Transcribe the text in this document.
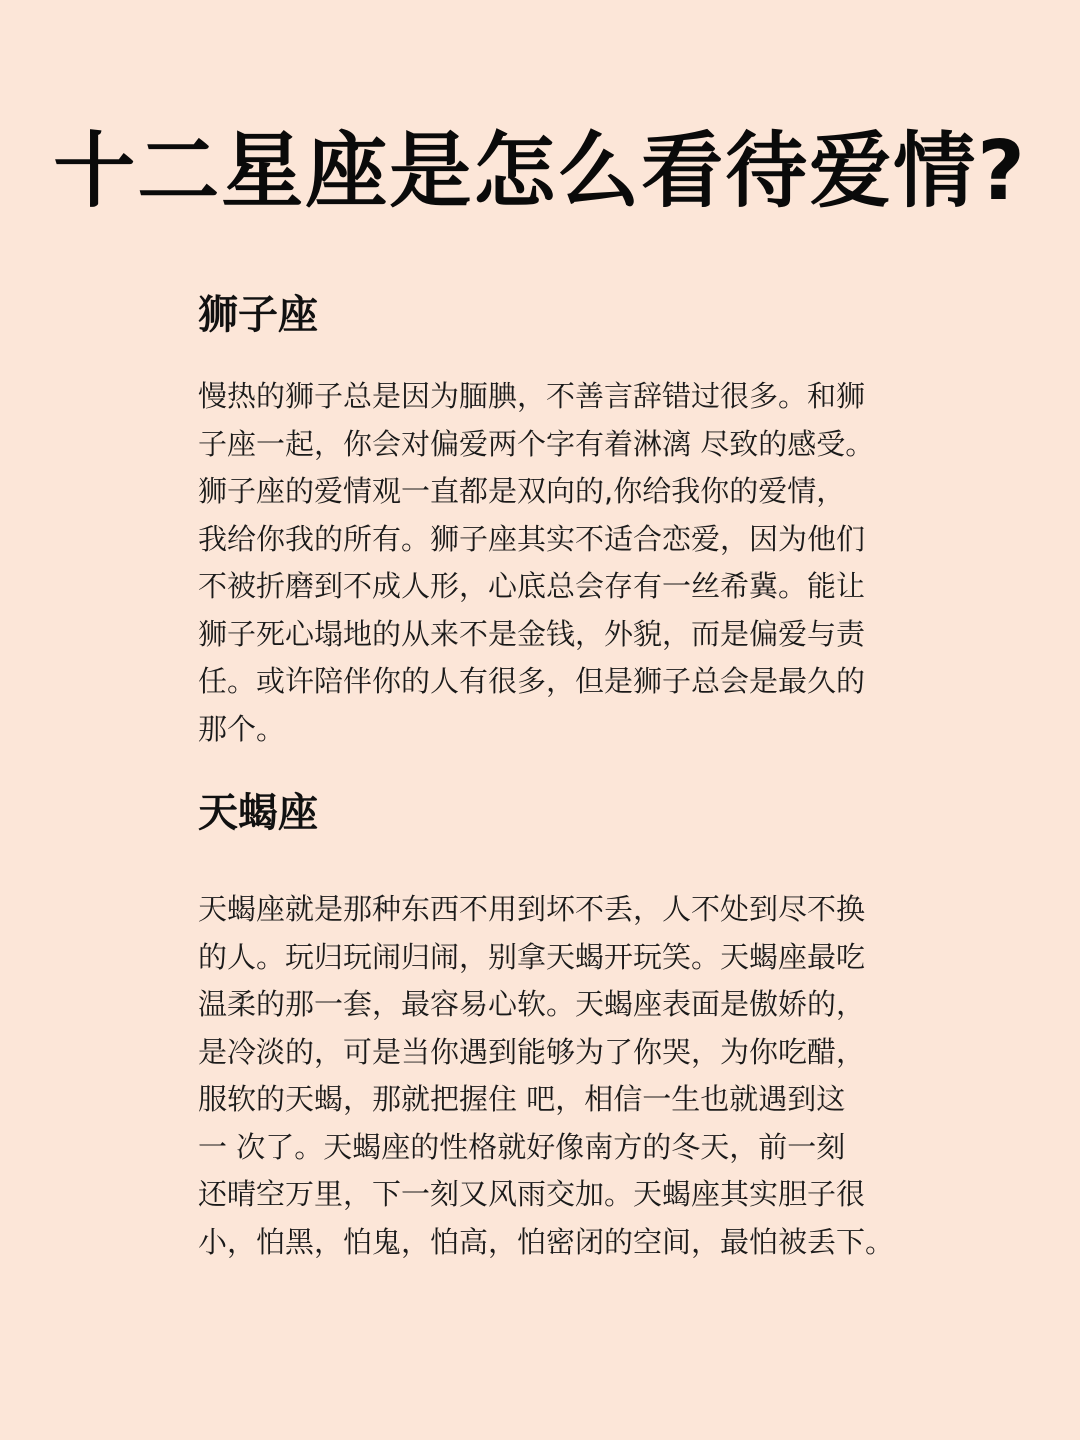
十二星座是怎么看待爱情?
狮子座
慢热的狮子总是因为腼腆，不善言辞错过很多。和狮
子座一起，你会对偏爱两个字有着淋漓 尽致的感受。
狮子座的爱情观一直都是双向的,你给我你的爱情，
我给你我的所有。狮子座其实不适合恋爱，因为他们
不被折磨到不成人形，心底总会存有一丝希冀。能让
狮子死心塌地的从来不是金钱，外貌，而是偏爱与责
任。或许陪伴你的人有很多，但是狮子总会是最久的
那个。
天蝎座
天蝎座就是那种东西不用到坏不丢，人不处到尽不换
的人。玩归玩闹归闹，别拿天蝎开玩笑。天蝎座最吃
温柔的那一套，最容易心软。天蝎座表面是傲娇的，
是冷淡的，可是当你遇到能够为了你哭，为你吃醋，
服软的天蝎，那就把握住 吧，相信一生也就遇到这
一 次了。天蝎座的性格就好像南方的冬天，前一刻
还晴空万里，下一刻又风雨交加。天蝎座其实胆子很
小，怕黑，怕鬼，怕高，怕密闭的空间，最怕被丢下。
